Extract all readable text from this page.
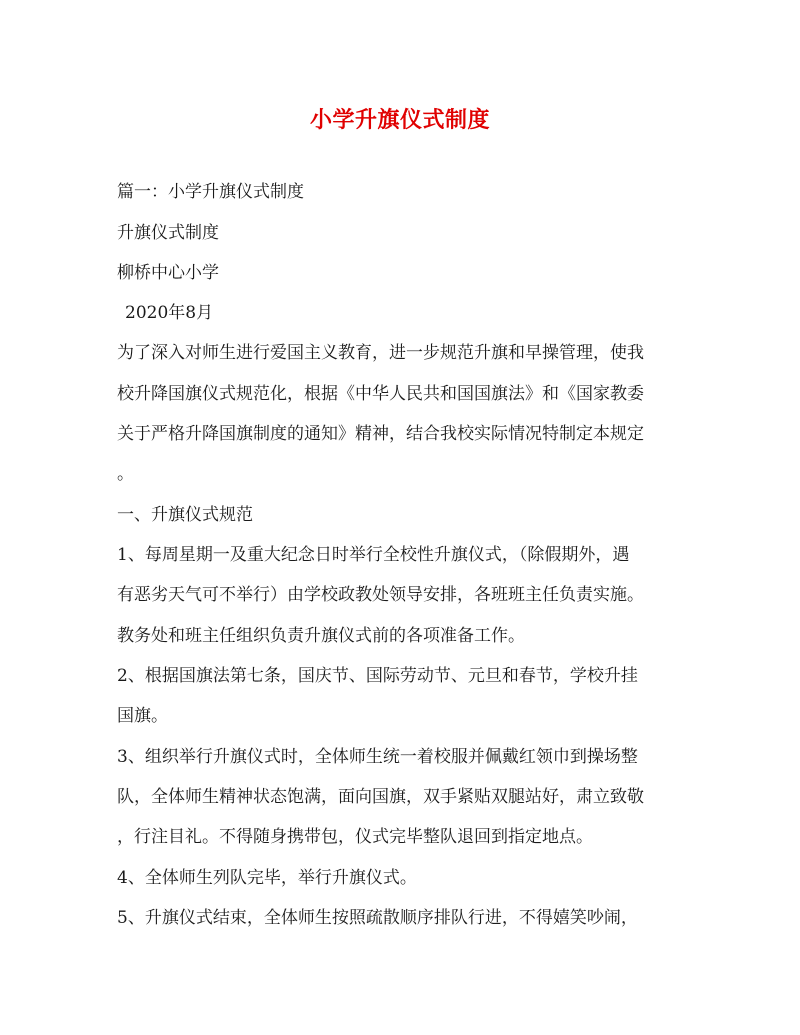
小学升旗仪式制度
篇一：小学升旗仪式制度
升旗仪式制度
柳桥中心小学
2020年8月
为了深入对师生进行爱国主义教育，进一步规范升旗和早操管理，使我
校升降国旗仪式规范化，根据《中华人民共和国国旗法》和《国家教委
关于严格升降国旗制度的通知》精神，结合我校实际情况特制定本规定
。
一、升旗仪式规范
1、每周星期一及重大纪念日时举行全校性升旗仪式，（除假期外，遇
有恶劣天气可不举行）由学校政教处领导安排，各班班主任负责实施。
教务处和班主任组织负责升旗仪式前的各项准备工作。
2、根据国旗法第七条，国庆节、国际劳动节、元旦和春节，学校升挂
国旗。
3、组织举行升旗仪式时，全体师生统一着校服并佩戴红领巾到操场整
队，全体师生精神状态饱满，面向国旗，双手紧贴双腿站好，肃立致敬
，行注目礼。不得随身携带包，仪式完毕整队退回到指定地点。
4、全体师生列队完毕，举行升旗仪式。
5、升旗仪式结束，全体师生按照疏散顺序排队行进，不得嬉笑吵闹，
